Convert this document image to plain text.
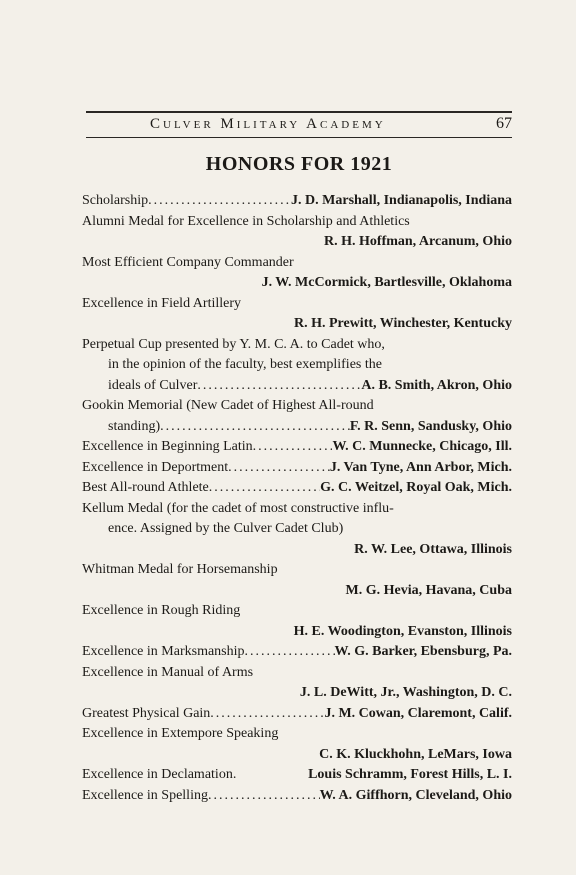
Culver Military Academy	67
HONORS FOR 1921
Scholarship .....	J. D. Marshall, Indianapolis, Indiana
Alumni Medal for Excellence in Scholarship and Athletics
R. H. Hoffman, Arcanum, Ohio
Most Efficient Company Commander
J. W. McCormick, Bartlesville, Oklahoma
Excellence in Field Artillery
R. H. Prewitt, Winchester, Kentucky
Perpetual Cup presented by Y. M. C. A. to Cadet who,
in the opinion of the faculty, best exemplifies the
ideals of Culver .....	A. B. Smith, Akron, Ohio
Gookin Memorial (New Cadet of Highest All-round
standing) .....	F. R. Senn, Sandusky, Ohio
Excellence in Beginning Latin .....	W. C. Munnecke, Chicago, Ill.
Excellence in Deportment .....	J. Van Tyne, Ann Arbor, Mich.
Best All-round Athlete .....	G. C. Weitzel, Royal Oak, Mich.
Kellum Medal (for the cadet of most constructive influ-
ence. Assigned by the Culver Cadet Club)
R. W. Lee, Ottawa, Illinois
Whitman Medal for Horsemanship
M. G. Hevia, Havana, Cuba
Excellence in Rough Riding
H. E. Woodington, Evanston, Illinois
Excellence in Marksmanship .....	W. G. Barker, Ebensburg, Pa.
Excellence in Manual of Arms
J. L. DeWitt, Jr., Washington, D. C.
Greatest Physical Gain .....	J. M. Cowan, Claremont, Calif.
Excellence in Extempore Speaking
C. K. Kluckhohn, LeMars, Iowa
Excellence in Declamation .	Louis Schramm, Forest Hills, L. I.
Excellence in Spelling .....	W. A. Giffhorn, Cleveland, Ohio
